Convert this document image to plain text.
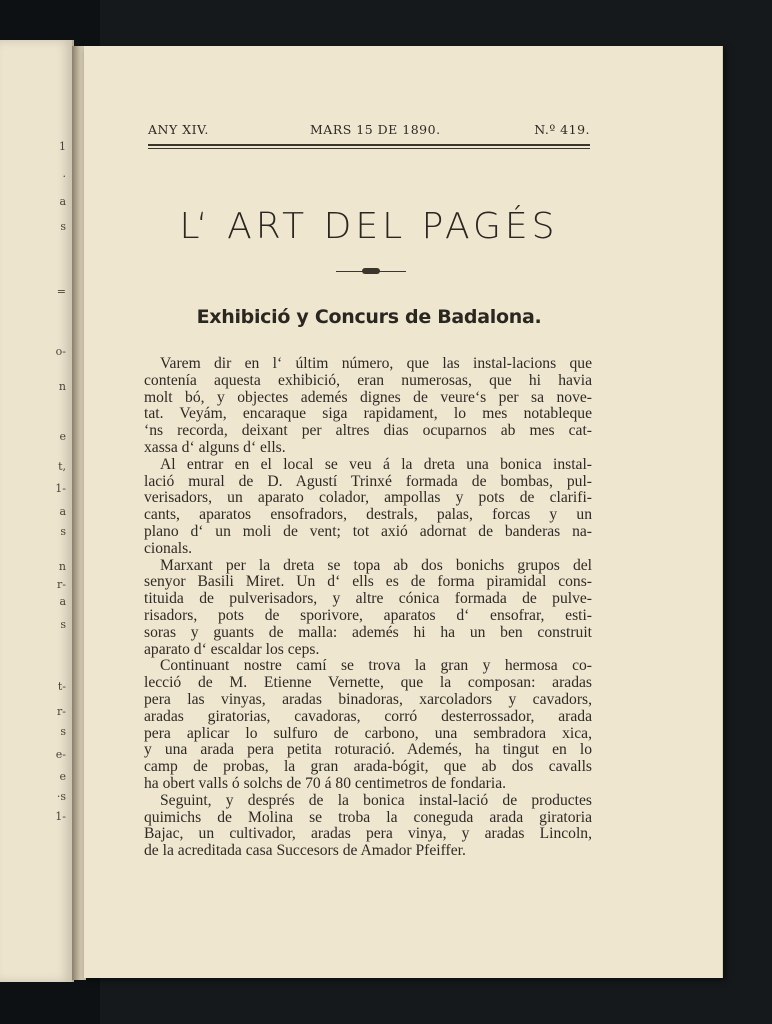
1
·
a
s
=
o-
n
e
t,
1-
a
s
n
r-
a
s
t-
r-
s
e-
e
·s
1-
ANY XIV.	MARS 15 DE 1890.	N.º 419.
L‘ ART DEL PAGÉS
Exhibició y Concurs de Badalona.
Varem dir en l‘ últim número, que las instal-lacions que
contenía aquesta exhibició, eran numerosas, que hi havia
molt bó, y objectes ademés dignes de veure‘s per sa nove-
tat. Veyám, encaraque siga rapidament, lo mes notableque
‘ns recorda, deixant per altres dias ocuparnos ab mes cat-
xassa d‘ alguns d‘ ells.
Al entrar en el local se veu á la dreta una bonica instal-
lació mural de D. Agustí Trinxé formada de bombas, pul-
verisadors, un aparato colador, ampollas y pots de clarifi-
cants, aparatos ensofradors, destrals, palas, forcas y un
plano d‘ un moli de vent; tot axió adornat de banderas na-
cionals.
Marxant per la dreta se topa ab dos bonichs grupos del
senyor Basili Miret. Un d‘ ells es de forma piramidal cons-
tituida de pulverisadors, y altre cónica formada de pulve-
risadors, pots de sporivore, aparatos d‘ ensofrar, esti-
soras y guants de malla: ademés hi ha un ben construit
aparato d‘ escaldar los ceps.
Continuant nostre camí se trova la gran y hermosa co-
lecció de M. Etienne Vernette, que la composan: aradas
pera las vinyas, aradas binadoras, xarcoladors y cavadors,
aradas giratorias, cavadoras, corró desterrossador, arada
pera aplicar lo sulfuro de carbono, una sembradora xica,
y una arada pera petita roturació. Ademés, ha tingut en lo
camp de probas, la gran arada-bógit, que ab dos cavalls
ha obert valls ó solchs de 70 á 80 centimetros de fondaria.
Seguint, y després de la bonica instal-lació de productes
quimichs de Molina se troba la coneguda arada giratoria
Bajac, un cultivador, aradas pera vinya, y aradas Lincoln,
de la acreditada casa Succesors de Amador Pfeiffer.
